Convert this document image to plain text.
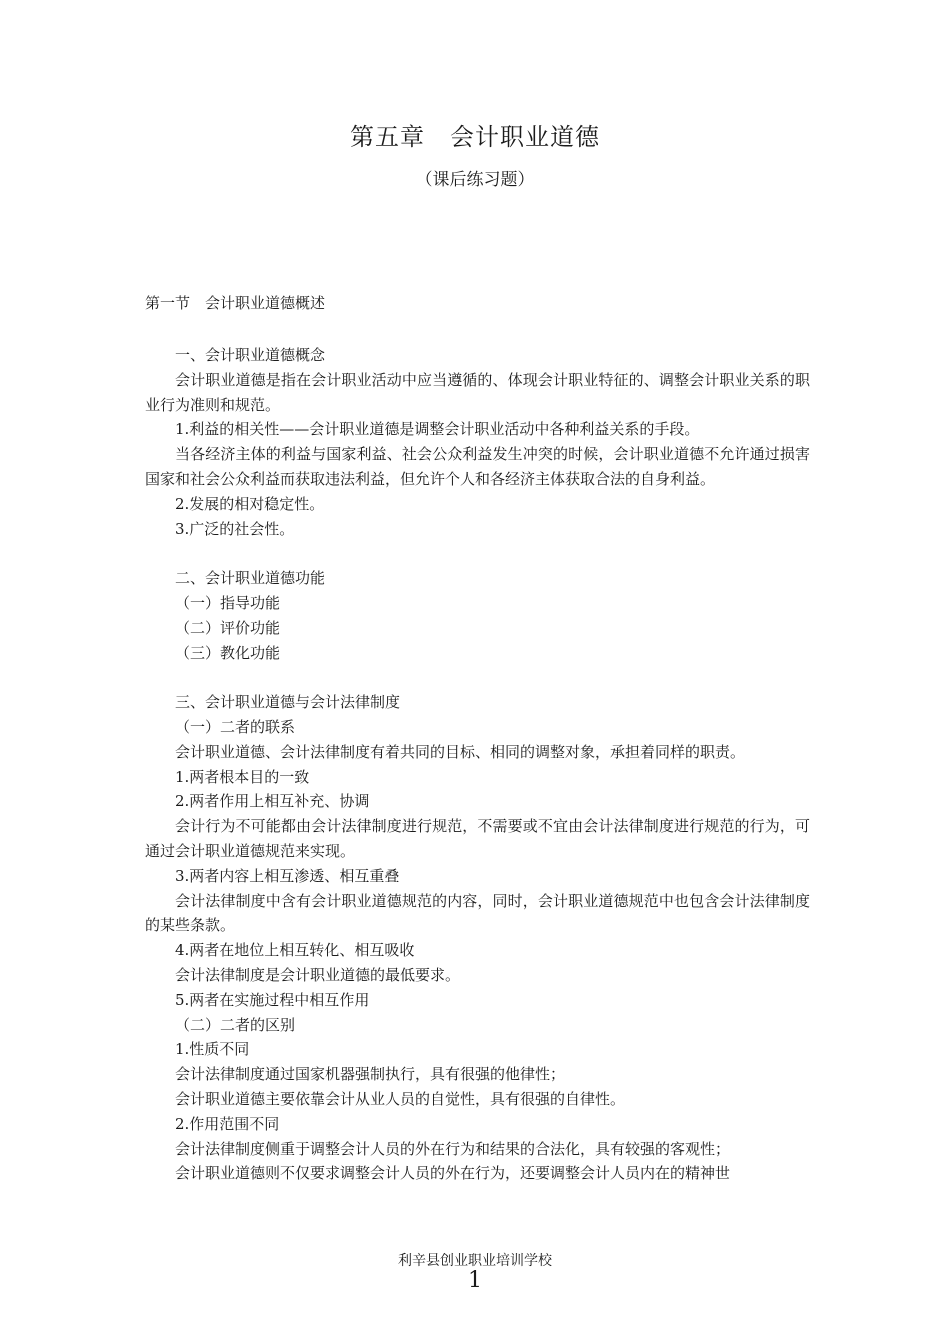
第五章　会计职业道德
（课后练习题）
第一节　会计职业道德概述

一、会计职业道德概念

会计职业道德是指在会计职业活动中应当遵循的、体现会计职业特征的、调整会计职业关系的职业行为准则和规范。

1.利益的相关性——会计职业道德是调整会计职业活动中各种利益关系的手段。

当各经济主体的利益与国家利益、社会公众利益发生冲突的时候，会计职业道德不允许通过损害国家和社会公众利益而获取违法利益，但允许个人和各经济主体获取合法的自身利益。

2.发展的相对稳定性。

3.广泛的社会性。

二、会计职业道德功能

（一）指导功能

（二）评价功能

（三）教化功能

三、会计职业道德与会计法律制度

（一）二者的联系

会计职业道德、会计法律制度有着共同的目标、相同的调整对象，承担着同样的职责。

1.两者根本目的一致

2.两者作用上相互补充、协调

会计行为不可能都由会计法律制度进行规范，不需要或不宜由会计法律制度进行规范的行为，可通过会计职业道德规范来实现。

3.两者内容上相互渗透、相互重叠

会计法律制度中含有会计职业道德规范的内容，同时，会计职业道德规范中也包含会计法律制度的某些条款。

4.两者在地位上相互转化、相互吸收

会计法律制度是会计职业道德的最低要求。

5.两者在实施过程中相互作用

（二）二者的区别

1.性质不同

会计法律制度通过国家机器强制执行，具有很强的他律性；

会计职业道德主要依靠会计从业人员的自觉性，具有很强的自律性。

2.作用范围不同

会计法律制度侧重于调整会计人员的外在行为和结果的合法化，具有较强的客观性；

会计职业道德则不仅要求调整会计人员的外在行为，还要调整会计人员内在的精神世

利辛县创业职业培训学校
1
